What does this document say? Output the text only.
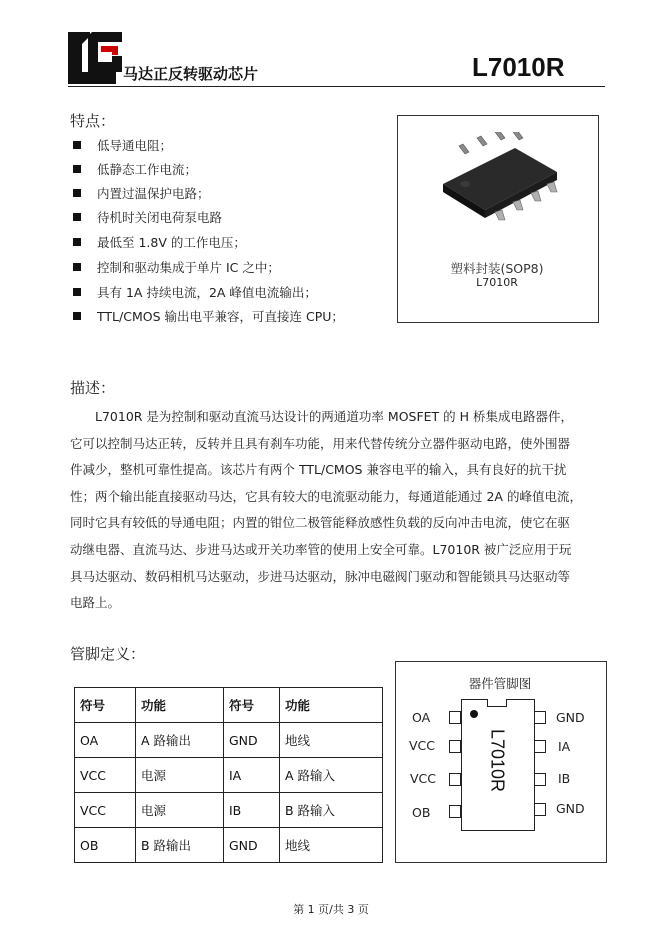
马达正反转驱动芯片	L7010R
特点：
低导通电阻；
低静态工作电流；
内置过温保护电路；
待机时关闭电荷泵电路
最低至 1.8V 的工作电压；
控制和驱动集成于单片 IC 之中；
具有 1A 持续电流，2A 峰值电流输出；
TTL/CMOS 输出电平兼容，可直接连 CPU；
塑料封装(SOP8)
L7010R
描述：
L7010R 是为控制和驱动直流马达设计的两通道功率 MOSFET 的 H 桥集成电路器件，
它可以控制马达正转，反转并且具有刹车功能，用来代替传统分立器件驱动电路，使外围器
件减少，整机可靠性提高。该芯片有两个 TTL/CMOS 兼容电平的输入，具有良好的抗干扰
性；两个输出能直接驱动马达，它具有较大的电流驱动能力，每通道能通过 2A 的峰值电流，
同时它具有较低的导通电阻；内置的钳位二极管能释放感性负载的反向冲击电流，使它在驱
动继电器、直流马达、步进马达或开关功率管的使用上安全可靠。L7010R 被广泛应用于玩
具马达驱动、数码相机马达驱动，步进马达驱动，脉冲电磁阀门驱动和智能锁具马达驱动等
电路上。
管脚定义：
符号	功能	符号	功能
OA	A 路输出	GND	地线
VCC	电源	IA	A 路输入
VCC	电源	IB	B 路输入
OB	B 路输出	GND	地线
器件管脚图
L7010R
OA
VCC
VCC
OB
GND
IA
IB
GND
第 1 页/共 3 页
